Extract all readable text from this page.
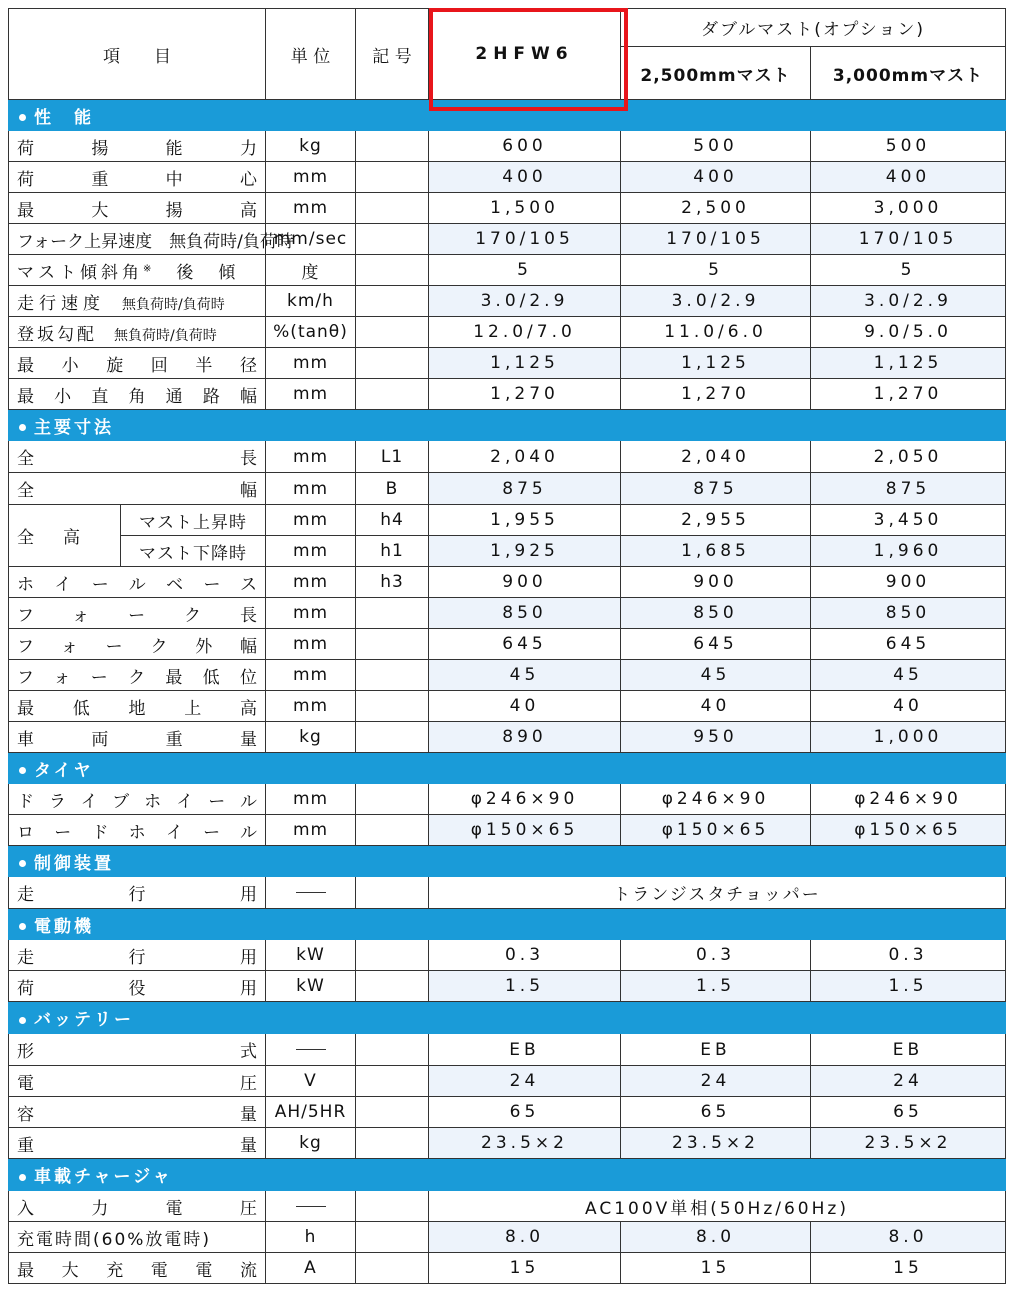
項　　目		単 位	記 号	2HFW6	ダブルマスト(オプション)	
					2,500mmマスト	3,000mmマスト
性　能						

荷揚能力		kg		600	500	500

荷重中心		mm		400	400	400

最大揚高		mm		1,500	2,500	3,000
フォーク上昇速度　 無負荷時/負荷時		mm/sec		170/105	170/105	170/105
マスト傾斜角※　 後　傾		度		5	5	5
走行速度　 無負荷時/負荷時		km/h		3.0/2.9	3.0/2.9	3.0/2.9
登坂勾配　 無負荷時/負荷時		%(tanθ)		12.0/7.0	11.0/6.0	9.0/5.0

最小旋回半径		mm		1,125	1,125	1,125

最小直角通路幅		mm		1,270	1,270	1,270
主要寸法						

全長		mm	L1	2,040	2,040	2,050

全幅		mm	B	875	875	875
全　高	マスト上昇時	mm	h4	1,955	2,955	3,450
	マスト下降時	mm	h1	1,925	1,685	1,960

ホイールベース		mm	h3	900	900	900

フォーク長		mm		850	850	850

フォーク外幅		mm		645	645	645

フォーク最低位		mm		45	45	45

最低地上高		mm		40	40	40

車両重量		kg		890	950	1,000
タイヤ						

ドライブホイール		mm		φ246×90	φ246×90	φ246×90

ロードホイール		mm		φ150×65	φ150×65	φ150×65
制御装置						

走行用				トランジスタチョッパー		
電動機						

走行用		kW		0.3	0.3	0.3

荷役用		kW		1.5	1.5	1.5
バッテリー						

形式				EB	EB	EB

電圧		V		24	24	24

容量		AH/5HR		65	65	65

重量		kg		23.5×2	23.5×2	23.5×2
車載チャージャ						

入力電圧				AC100V単相(50Hz/60Hz)		
充電時間(60%放電時)		h		8.0	8.0	8.0

最大充電電流		A		15	15	15
